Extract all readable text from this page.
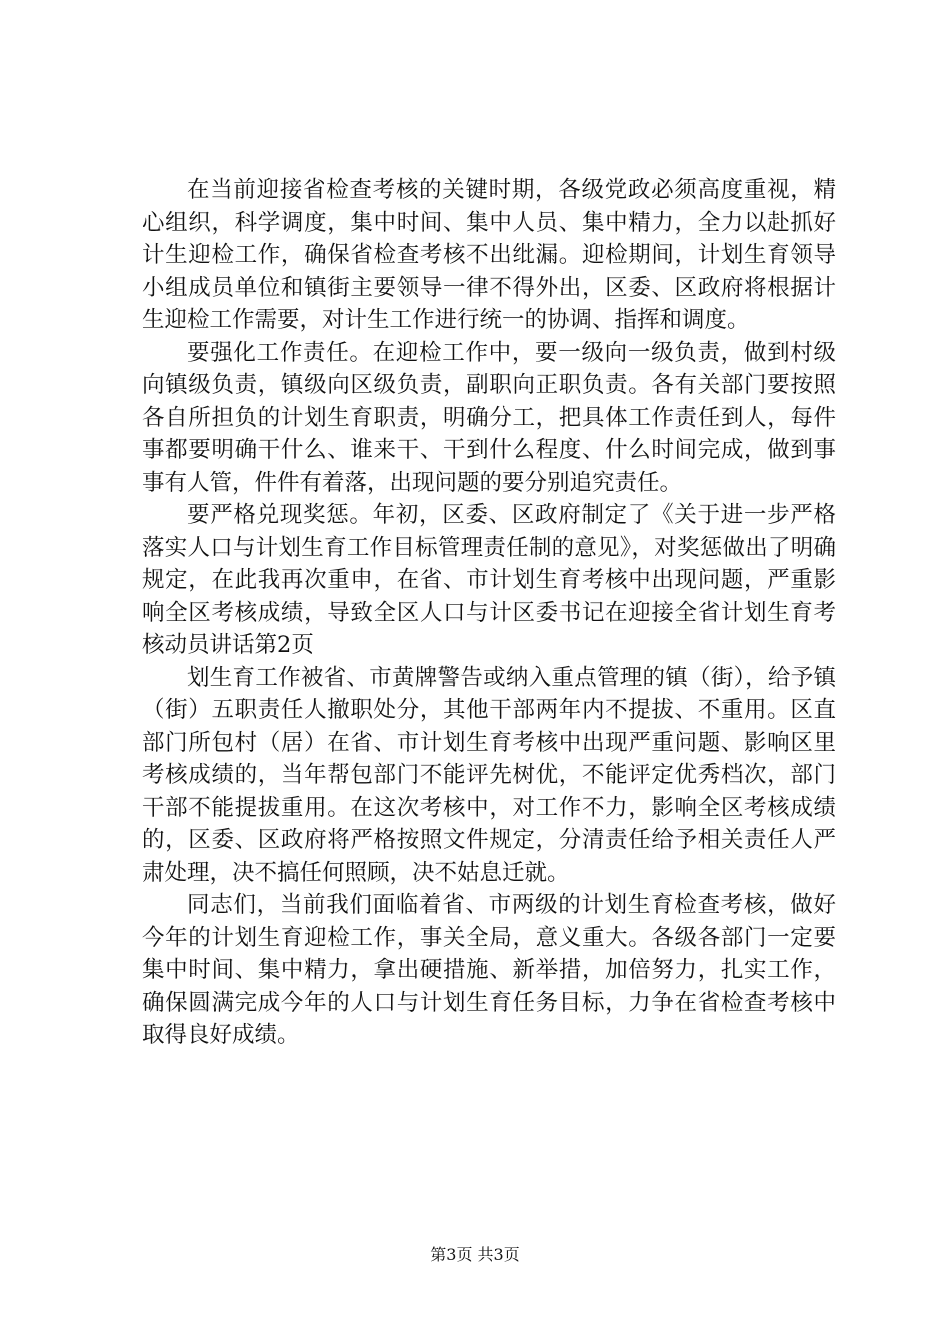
在当前迎接省检查考核的关键时期，各级党政必须高度重视，精心组织，科学调度，集中时间、集中人员、集中精力，全力以赴抓好计生迎检工作，确保省检查考核不出纰漏。迎检期间，计划生育领导小组成员单位和镇街主要领导一律不得外出，区委、区政府将根据计生迎检工作需要，对计生工作进行统一的协调、指挥和调度。

要强化工作责任。在迎检工作中，要一级向一级负责，做到村级向镇级负责，镇级向区级负责，副职向正职负责。各有关部门要按照各自所担负的计划生育职责，明确分工，把具体工作责任到人，每件事都要明确干什么、谁来干、干到什么程度、什么时间完成，做到事事有人管，件件有着落，出现问题的要分别追究责任。

要严格兑现奖惩。年初，区委、区政府制定了《关于进一步严格落实人口与计划生育工作目标管理责任制的意见》，对奖惩做出了明确规定，在此我再次重申，在省、市计划生育考核中出现问题，严重影响全区考核成绩，导致全区人口与计区委书记在迎接全省计划生育考核动员讲话第2页

划生育工作被省、市黄牌警告或纳入重点管理的镇（街），给予镇（街）五职责任人撤职处分，其他干部两年内不提拔、不重用。区直部门所包村（居）在省、市计划生育考核中出现严重问题、影响区里考核成绩的，当年帮包部门不能评先树优，不能评定优秀档次，部门干部不能提拔重用。在这次考核中，对工作不力，影响全区考核成绩的，区委、区政府将严格按照文件规定，分清责任给予相关责任人严肃处理，决不搞任何照顾，决不姑息迁就。

同志们，当前我们面临着省、市两级的计划生育检查考核，做好今年的计划生育迎检工作，事关全局，意义重大。各级各部门一定要集中时间、集中精力，拿出硬措施、新举措，加倍努力，扎实工作，确保圆满完成今年的人口与计划生育任务目标，力争在省检查考核中取得良好成绩。

第3页 共3页
